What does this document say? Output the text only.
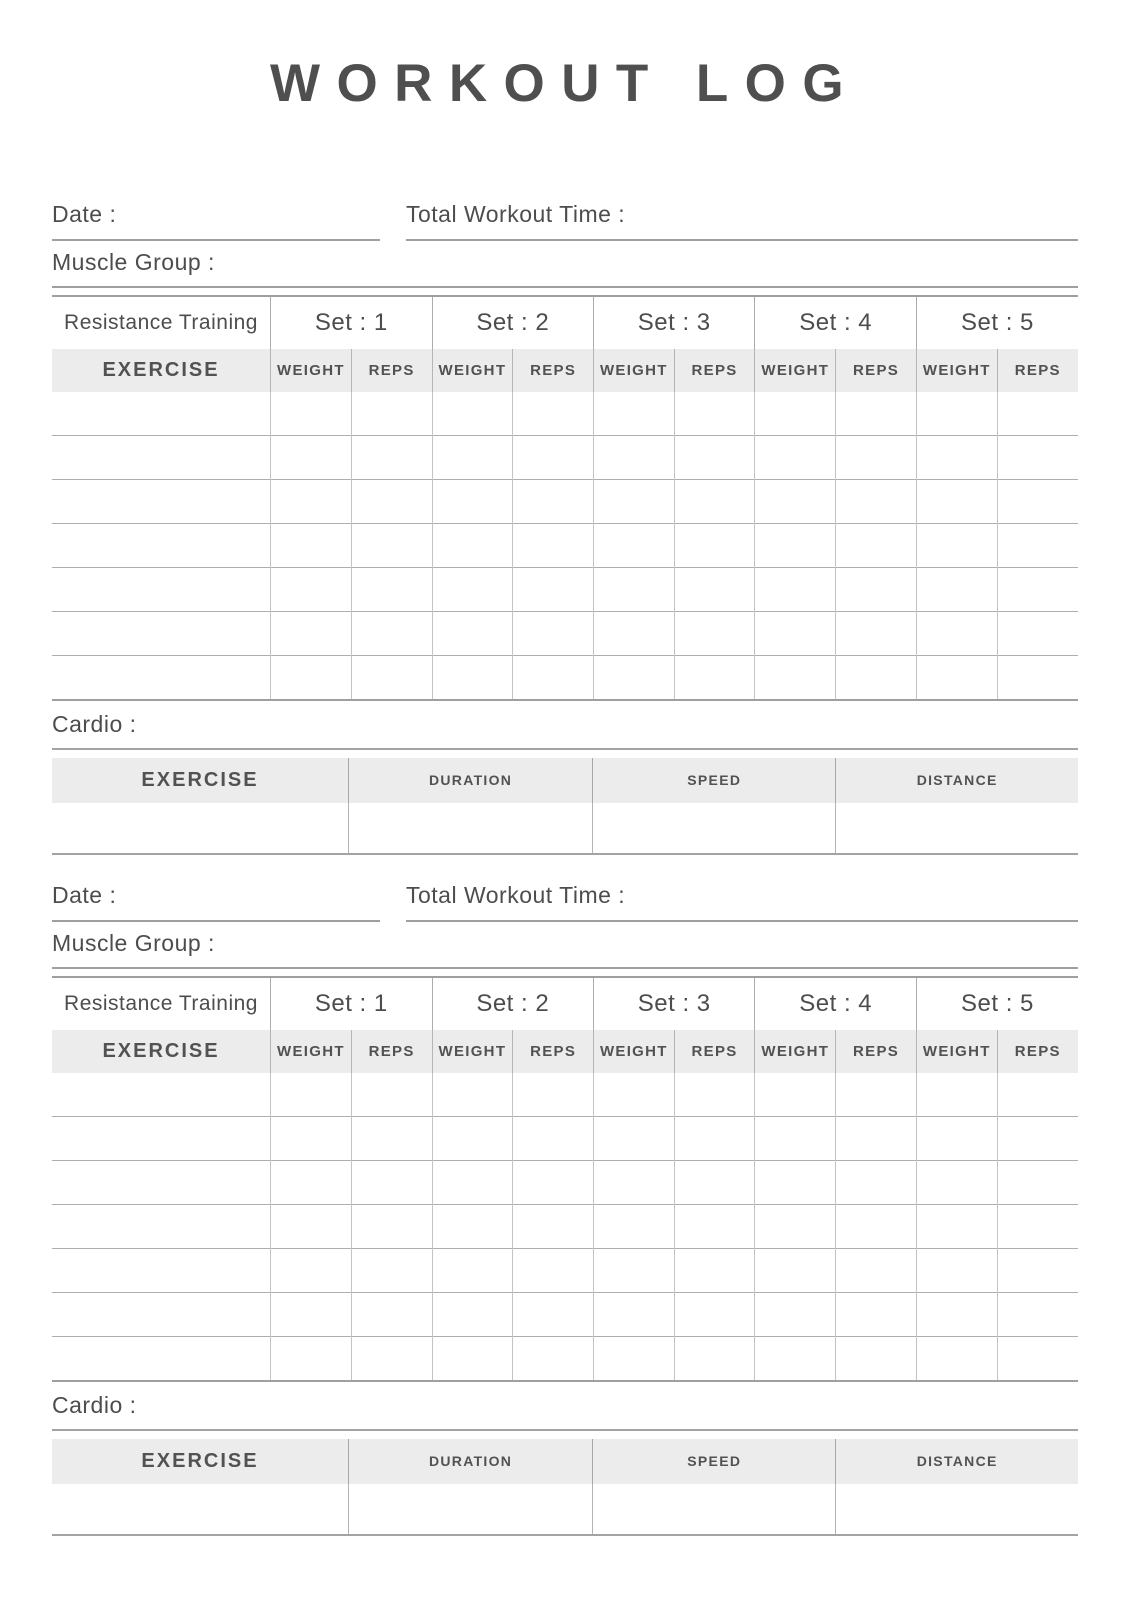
WORKOUT LOG
Date :	Total Workout Time :
Muscle Group :
Resistance Training	Set : 1		Set : 2		Set : 3		Set : 4		Set : 5	
EXERCISE	WEIGHT	REPS	WEIGHT	REPS	WEIGHT	REPS	WEIGHT	REPS	WEIGHT	REPS

Cardio :
EXERCISE	DURATION	SPEED	DISTANCE

Date :	Total Workout Time :
Muscle Group :
Resistance Training	Set : 1		Set : 2		Set : 3		Set : 4		Set : 5	
EXERCISE	WEIGHT	REPS	WEIGHT	REPS	WEIGHT	REPS	WEIGHT	REPS	WEIGHT	REPS

Cardio :
EXERCISE	DURATION	SPEED	DISTANCE
